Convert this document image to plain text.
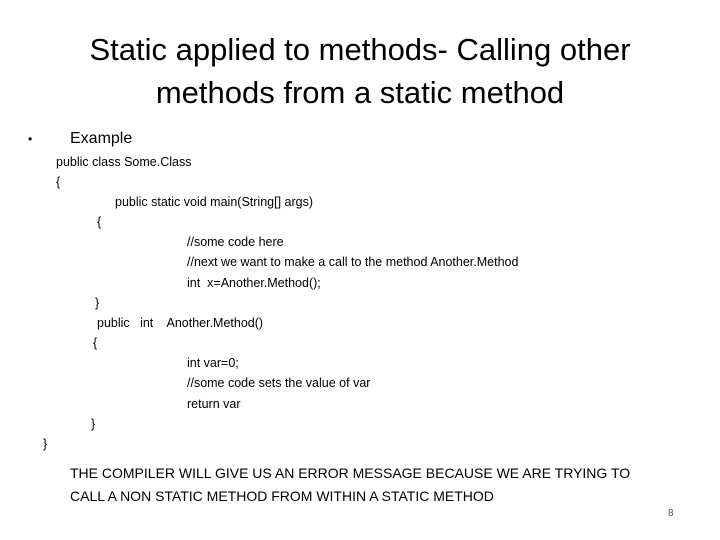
Static applied to methods- Calling other
methods from a static method
• Example
public class Some.Class
{
public static void main(String[] args)
{
//some code here
//next we want to make a call to the method Another.Method
int  x=Another.Method();
}
public   int    Another.Method()
{
int var=0;
//some code sets the value of var
return var
}
}
THE COMPILER WILL GIVE US AN ERROR MESSAGE BECAUSE WE ARE TRYING TO
CALL A NON STATIC METHOD FROM WITHIN A STATIC METHOD
8
